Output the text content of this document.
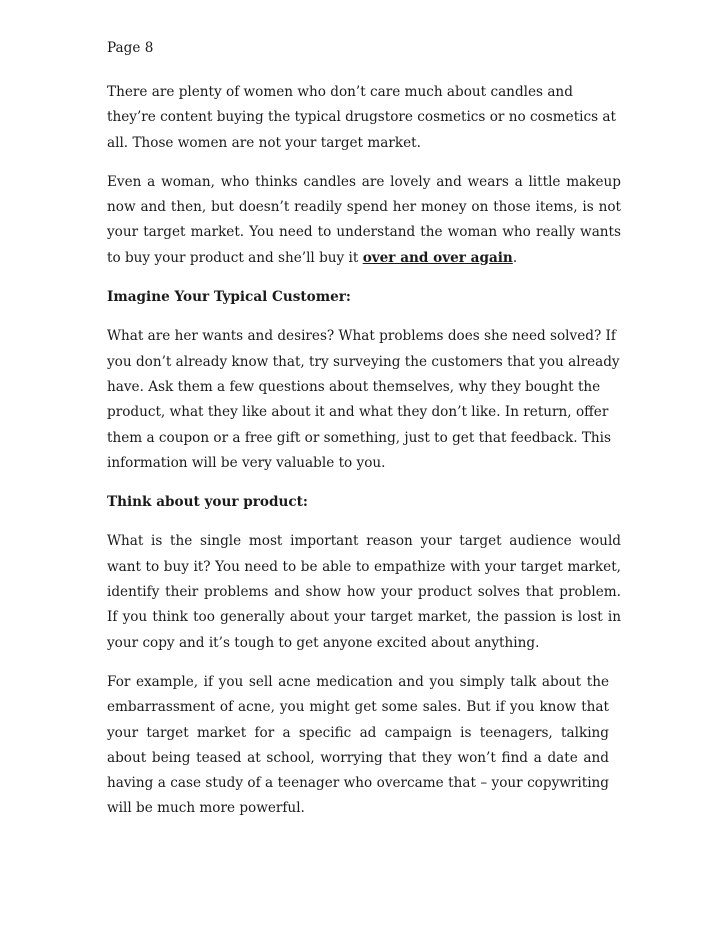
Page 8

There are plenty of women who don’t care much about candles and they’re content buying the typical drugstore cosmetics or no cosmetics at all. Those women are not your target market.

Even a woman, who thinks candles are lovely and wears a little makeup now and then, but doesn’t readily spend her money on those items, is not your target market. You need to understand the woman who really wants to buy your product and she’ll buy it over and over again.

Imagine Your Typical Customer:

What are her wants and desires? What problems does she need solved? If you don’t already know that, try surveying the customers that you already have. Ask them a few questions about themselves, why they bought the product, what they like about it and what they don’t like. In return, offer them a coupon or a free gift or something, just to get that feedback. This information will be very valuable to you.

Think about your product:

What is the single most important reason your target audience would want to buy it? You need to be able to empathize with your target market, identify their problems and show how your product solves that problem. If you think too generally about your target market, the passion is lost in your copy and it’s tough to get anyone excited about anything.

For example, if you sell acne medication and you simply talk about the embarrassment of acne, you might get some sales. But if you know that your target market for a specific ad campaign is teenagers, talking about being teased at school, worrying that they won’t find a date and having a case study of a teenager who overcame that – your copywriting will be much more powerful.
